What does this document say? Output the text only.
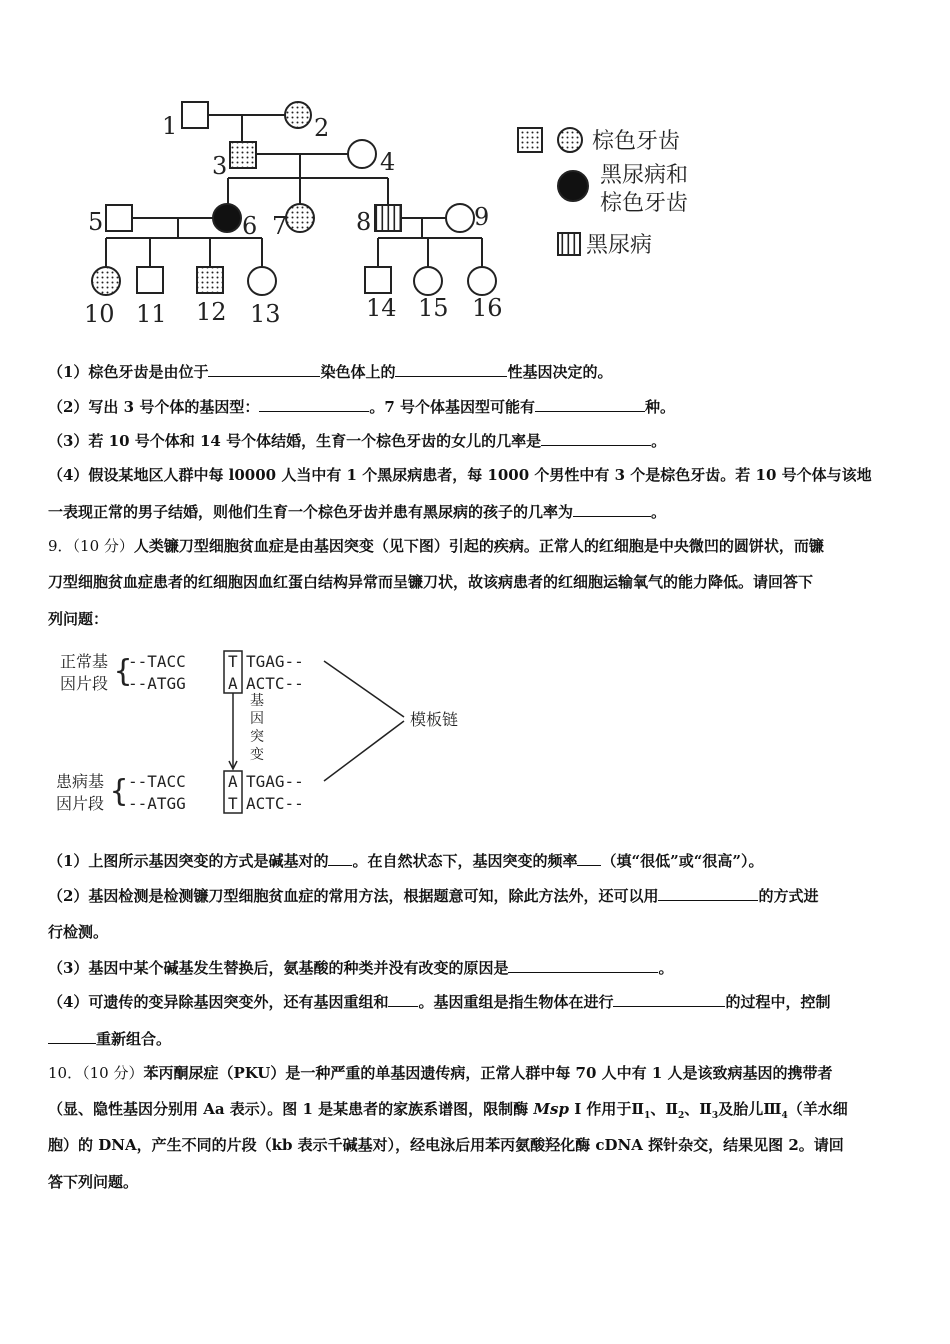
1	2
3	4
5	6 7	8	9
10 11 12 13	14 15 16
棕色牙齿
黑尿病和
棕色牙齿
黑尿病
（1）棕色牙齿是由位于	染色体上的	性基因决定的。
（2）写出 3 号个体的基因型：	。7 号个体基因型可能有	种。
（3）若 10 号个体和 14 号个体结婚，生育一个棕色牙齿的女儿的几率是	。
（4）假设某地区人群中每 l0000 人当中有 1 个黑尿病患者，每 1000 个男性中有 3 个是棕色牙齿。若 10 号个体与该地
一表现正常的男子结婚，则他们生育一个棕色牙齿并患有黑尿病的孩子的几率为	。
9．（10 分）人类镰刀型细胞贫血症是由基因突变（见下图）引起的疾病。正常人的红细胞是中央微凹的圆饼状，而镰
刀型细胞贫血症患者的红细胞因血红蛋白结构异常而呈镰刀状，故该病患者的红细胞运输氧气的能力降低。请回答下
列问题：
正常基
因片段
患病基
因片段
{
{
--TACC	T TGAG--
--ATGG	A ACTC--
--TACC	A TGAG--
--ATGG	T ACTC--
基
因
突
变
模板链
（1）上图所示基因突变的方式是碱基对的 。在自然状态下，基因突变的频率 （填“很低”或“很高”）。
（2）基因检测是检测镰刀型细胞贫血症的常用方法，根据题意可知，除此方法外，还可以用	的方式进
行检测。
（3）基因中某个碱基发生替换后，氨基酸的种类并没有改变的原因是	。
（4）可遗传的变异除基因突变外，还有基因重组和 。基因重组是指生物体在进行	的过程中，控制
重新组合。
10．（10 分）苯丙酮尿症（PKU）是一种严重的单基因遗传病，正常人群中每 70 人中有 1 人是该致病基因的携带者
（显、隐性基因分别用 Aa 表示）。图 1 是某患者的家族系谱图，限制酶 Msp I 作用于$Ⅱ_1$、$Ⅱ_2$、$Ⅱ_3$及胎儿$Ⅲ_4$（羊水细
胞）的 DNA，产生不同的片段（kb 表示千碱基对），经电泳后用苯丙氨酸羟化酶 cDNA 探针杂交，结果见图 2。请回
答下列问题。
